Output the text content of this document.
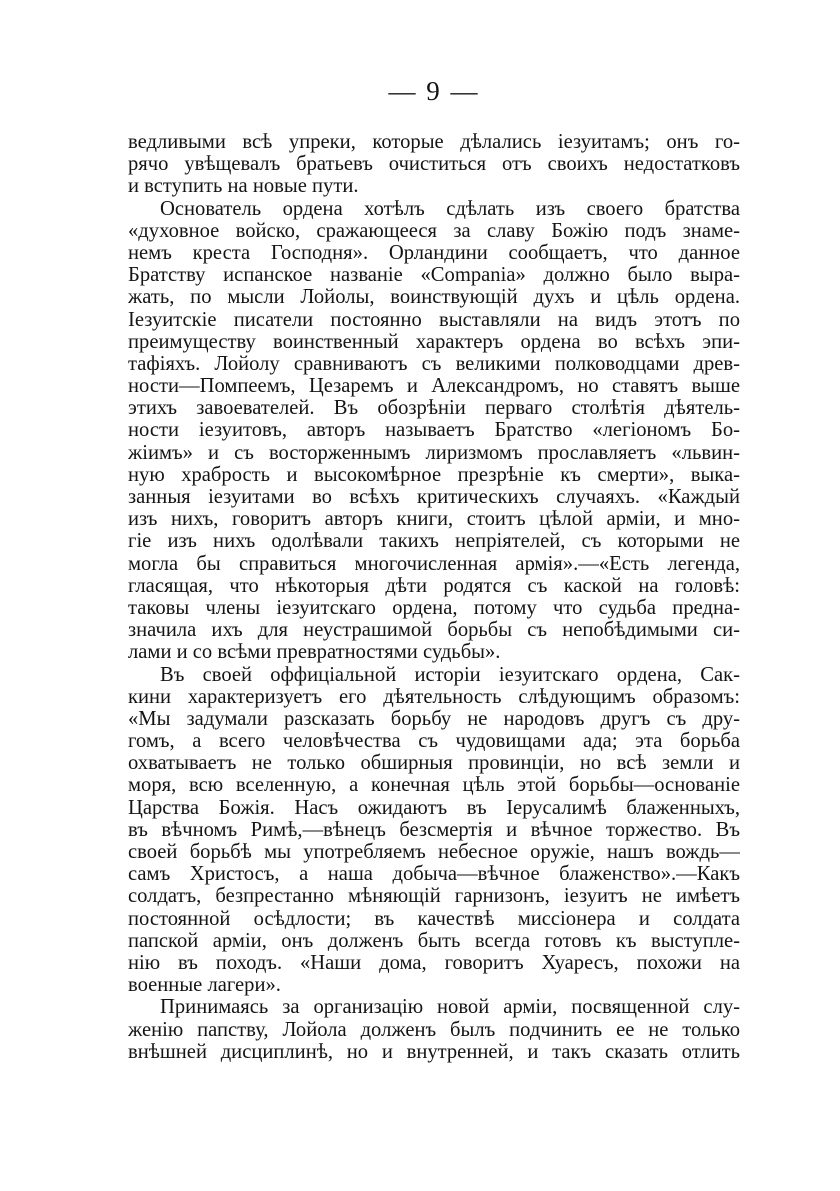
— 9 —
ведливыми всѣ упреки, которые дѣлались іезуитамъ; онъ го-
рячо увѣщевалъ братьевъ очиститься отъ своихъ недостатковъ
и вступить на новые пути.
Основатель ордена хотѣлъ сдѣлать изъ своего братства
«духовное войско, сражающееся за славу Божію подъ знаме-
немъ креста Господня». Орландини сообщаетъ, что данное
Братству испанское названіе «Compania» должно было выра-
жать, по мысли Лойолы, воинствующій духъ и цѣль ордена.
Іезуитскіе писатели постоянно выставляли на видъ этотъ по
преимуществу воинственный характеръ ордена во всѣхъ эпи-
тафіяхъ. Лойолу сравниваютъ съ великими полководцами древ-
ности—Помпеемъ, Цезаремъ и Александромъ, но ставятъ выше
этихъ завоевателей. Въ обозрѣніи перваго столѣтія дѣятель-
ности іезуитовъ, авторъ называетъ Братство «легіономъ Бо-
жіимъ» и съ восторженнымъ лиризмомъ прославляетъ «львин-
ную храбрость и высокомѣрное презрѣніе къ смерти», выка-
занныя іезуитами во всѣхъ критическихъ случаяхъ. «Каждый
изъ нихъ, говоритъ авторъ книги, стоитъ цѣлой арміи, и мно-
гіе изъ нихъ одолѣвали такихъ непріятелей, съ которыми не
могла бы справиться многочисленная армія».—«Есть легенда,
гласящая, что нѣкоторыя дѣти родятся съ каской на головѣ:
таковы члены іезуитскаго ордена, потому что судьба предна-
значила ихъ для неустрашимой борьбы съ непобѣдимыми си-
лами и со всѣми превратностями судьбы».
Въ своей оффиціальной исторіи іезуитскаго ордена, Сак-
кини характеризуетъ его дѣятельность слѣдующимъ образомъ:
«Мы задумали разсказать борьбу не народовъ другъ съ дру-
гомъ, а всего человѣчества съ чудовищами ада; эта борьба
охватываетъ не только обширныя провинціи, но всѣ земли и
моря, всю вселенную, а конечная цѣль этой борьбы—основаніе
Царства Божія. Насъ ожидаютъ въ Іерусалимѣ блаженныхъ,
въ вѣчномъ Римѣ,—вѣнецъ безсмертія и вѣчное торжество. Въ
своей борьбѣ мы употребляемъ небесное оружіе, нашъ вождь—
самъ Христосъ, а наша добыча—вѣчное блаженство».—Какъ
солдатъ, безпрестанно мѣняющій гарнизонъ, іезуитъ не имѣетъ
постоянной осѣдлости; въ качествѣ миссіонера и солдата
папской арміи, онъ долженъ быть всегда готовъ къ выступле-
нію въ походъ. «Наши дома, говоритъ Хуаресъ, похожи на
военные лагери».
Принимаясь за организацію новой арміи, посвященной слу-
женію папству, Лойола долженъ былъ подчинить ее не только
внѣшней дисциплинѣ, но и внутренней, и такъ сказать отлить
